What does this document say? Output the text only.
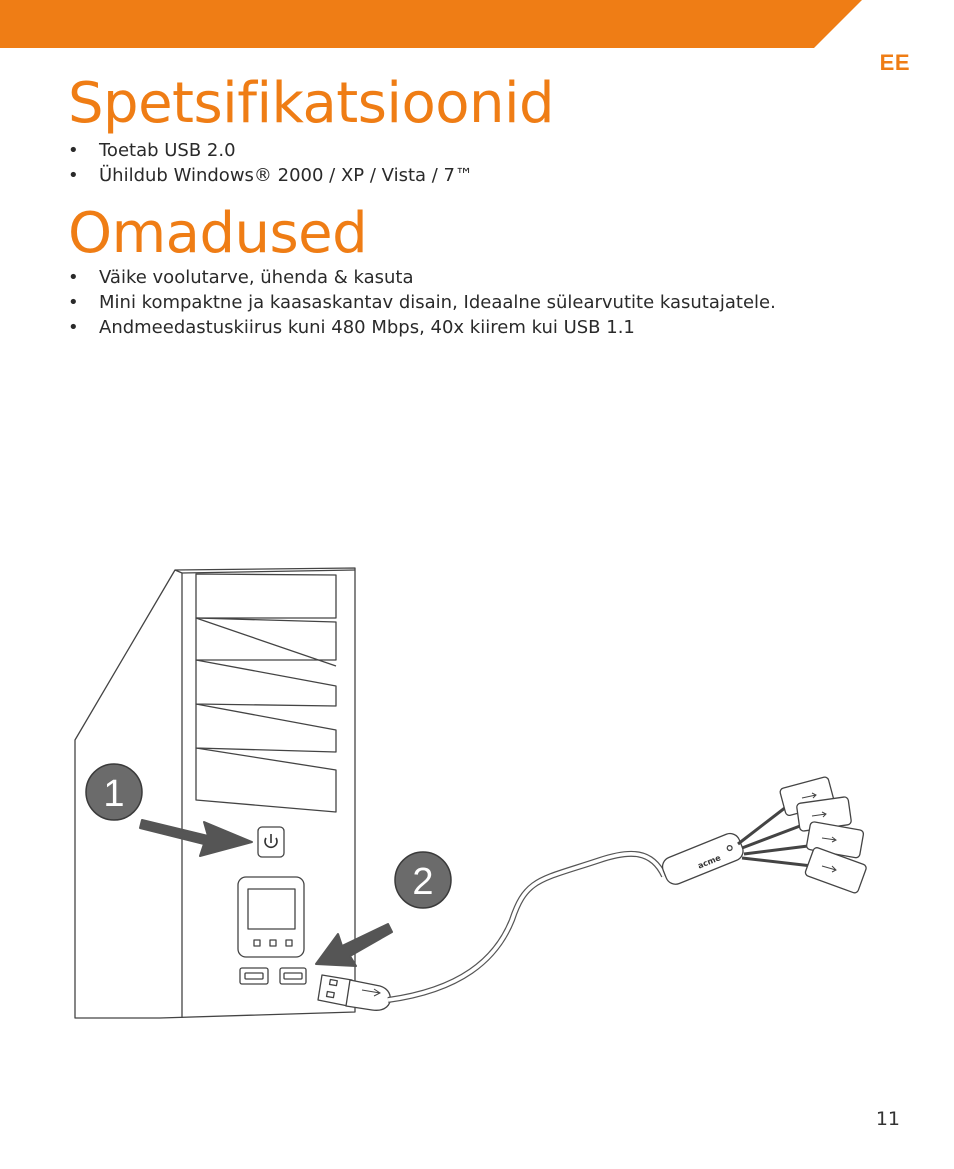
EE
Spetsifikatsioonid
• Toetab USB 2.0
• Ühildub Windows® 2000 / XP / Vista / 7™
Omadused
• Väike voolutarve, ühenda & kasuta
• Mini kompaktne ja kaasaskantav disain, Ideaalne sülearvutite kasutajatele.
• Andmeedastuskiirus kuni 480 Mbps, 40x kiirem kui USB 1.1
acme
1
2
11
